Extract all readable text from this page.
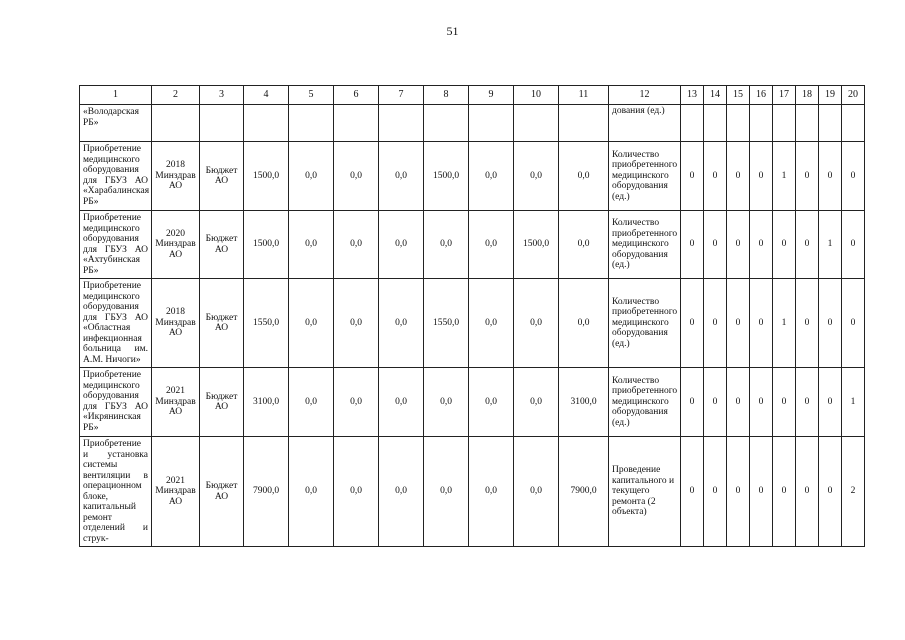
51
1	2	3	4	5	6	7	8	9	10	11	12	13	14	15	16	17	18	19	20
«Володарская РБ»											дования (ед.)								
Приобретение медицинского оборудования для ГБУЗ АО «Харабалинская РБ»	2018 Минздрав АО	Бюджет АО	1500,0	0,0	0,0	0,0	1500,0	0,0	0,0	0,0	Количество приобретенного медицинского оборудования (ед.)	0	0	0	0	1	0	0	0
Приобретение медицинского оборудования для ГБУЗ АО «Ахтубинская РБ»	2020 Минздрав АО	Бюджет АО	1500,0	0,0	0,0	0,0	0,0	0,0	1500,0	0,0	Количество приобретенного медицинского оборудования (ед.)	0	0	0	0	0	0	1	0
Приобретение медицинского оборудования для ГБУЗ АО «Областная инфекционная больница им. А.М. Ничоги»	2018 Минздрав АО	Бюджет АО	1550,0	0,0	0,0	0,0	1550,0	0,0	0,0	0,0	Количество приобретенного медицинского оборудования (ед.)	0	0	0	0	1	0	0	0
Приобретение медицинского оборудования для ГБУЗ АО «Икрянинская РБ»	2021 Минздрав АО	Бюджет АО	3100,0	0,0	0,0	0,0	0,0	0,0	0,0	3100,0	Количество приобретенного медицинского оборудования (ед.)	0	0	0	0	0	0	0	1
Приобретение и установка системы вентиляции в операционном блоке, капитальный ремонт отделений и струк-	2021 Минздрав АО	Бюджет АО	7900,0	0,0	0,0	0,0	0,0	0,0	0,0	7900,0	Проведение капитального и текущего ремонта (2 объекта)	0	0	0	0	0	0	0	2
